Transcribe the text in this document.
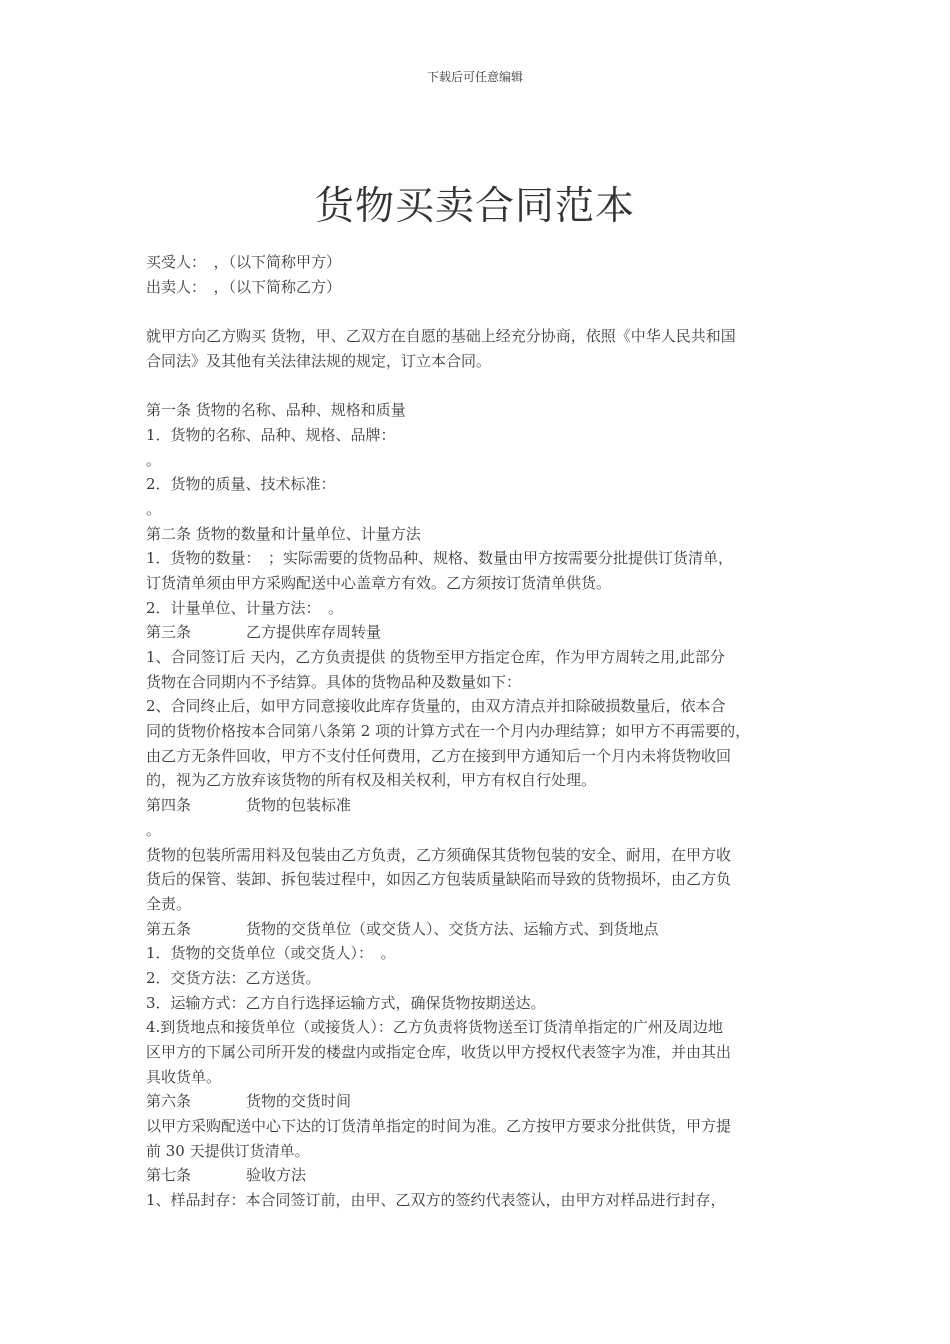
下载后可任意编辑
货物买卖合同范本
买受人：　，（以下简称甲方）
出卖人：　，（以下简称乙方）
就甲方向乙方购买 货物，甲、乙双方在自愿的基础上经充分协商，依照《中华人民共和国
合同法》及其他有关法律法规的规定，订立本合同。
第一条 货物的名称、品种、规格和质量
1．货物的名称、品种、规格、品牌：
。
2．货物的质量、技术标准：
。
第二条 货物的数量和计量单位、计量方法
1．货物的数量：　；实际需要的货物品种、规格、数量由甲方按需要分批提供订货清单，
订货清单须由甲方采购配送中心盖章方有效。乙方须按订货清单供货。
2．计量单位、计量方法：　。
第三条	乙方提供库存周转量
1、合同签订后 天内，乙方负责提供 的货物至甲方指定仓库，作为甲方周转之用,此部分
货物在合同期内不予结算。具体的货物品种及数量如下：
2、合同终止后，如甲方同意接收此库存货量的，由双方清点并扣除破损数量后，依本合
同的货物价格按本合同第八条第 2 项的计算方式在一个月内办理结算；如甲方不再需要的，
由乙方无条件回收，甲方不支付任何费用，乙方在接到甲方通知后一个月内未将货物收回
的，视为乙方放弃该货物的所有权及相关权利，甲方有权自行处理。
第四条	货物的包装标准
。
货物的包装所需用料及包装由乙方负责，乙方须确保其货物包装的安全、耐用，在甲方收
货后的保管、装卸、拆包装过程中，如因乙方包装质量缺陷而导致的货物损坏，由乙方负
全责。
第五条	货物的交货单位（或交货人）、交货方法、运输方式、到货地点
1．货物的交货单位（或交货人）：　。
2．交货方法：乙方送货。
3．运输方式：乙方自行选择运输方式，确保货物按期送达。
4.到货地点和接货单位（或接货人）：乙方负责将货物送至订货清单指定的广州及周边地
区甲方的下属公司所开发的楼盘内或指定仓库，收货以甲方授权代表签字为准，并由其出
具收货单。
第六条	货物的交货时间
以甲方采购配送中心下达的订货清单指定的时间为准。乙方按甲方要求分批供货，甲方提
前 30 天提供订货清单。
第七条	验收方法
1、样品封存：本合同签订前，由甲、乙双方的签约代表签认，由甲方对样品进行封存，
